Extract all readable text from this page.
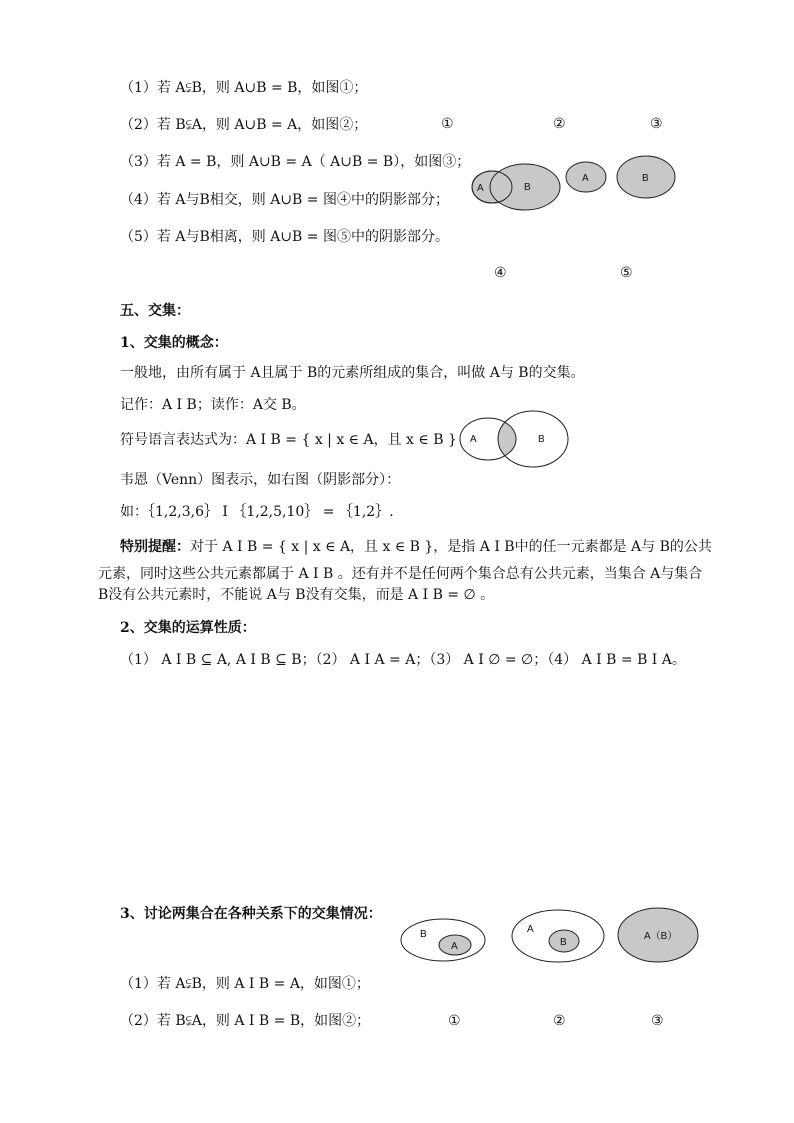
（1）若 A⫋B，则 A∪B = B，如图①；
（2）若 B⫋A，则 A∪B = A，如图②；
（3）若 A = B，则 A∪B = A（ A∪B = B），如图③；
（4）若 A与B相交，则 A∪B = 图④中的阴影部分；
（5）若 A与B相离，则 A∪B = 图⑤中的阴影部分。
①	②	③
A	B
A	B
④	⑤
五、交集：
1、交集的概念：
一般地，由所有属于 A且属于 B的元素所组成的集合，叫做 A与 B的交集。
记作：A I B；读作：A交 B。
符号语言表达式为：A I B = { x | x ∈ A，且 x ∈ B }
韦恩（Venn）图表示，如右图（阴影部分）：
如：｛1,2,3,6｝ I ｛1,2,5,10｝ = ｛1,2｝.
A	B
特别提醒：对于 A I B = { x | x ∈ A，且 x ∈ B }，是指 A I B中的任一元素都是 A与 B的公共
元素，同时这些公共元素都属于 A I B 。还有并不是任何两个集合总有公共元素，当集合 A与集合
B没有公共元素时，不能说 A与 B没有交集，而是 A I B = ∅ 。
2、交集的运算性质：
（1） A I B ⊆ A, A I B ⊆ B；（2） A I A = A；（3） A I ∅ = ∅；（4） A I B = B I A。
3、讨论两集合在各种关系下的交集情况：
B
A
A
B
A（B）
（1）若 A⫋B，则 A I B = A，如图①；
（2）若 B⫋A，则 A I B = B，如图②；	①	②	③
